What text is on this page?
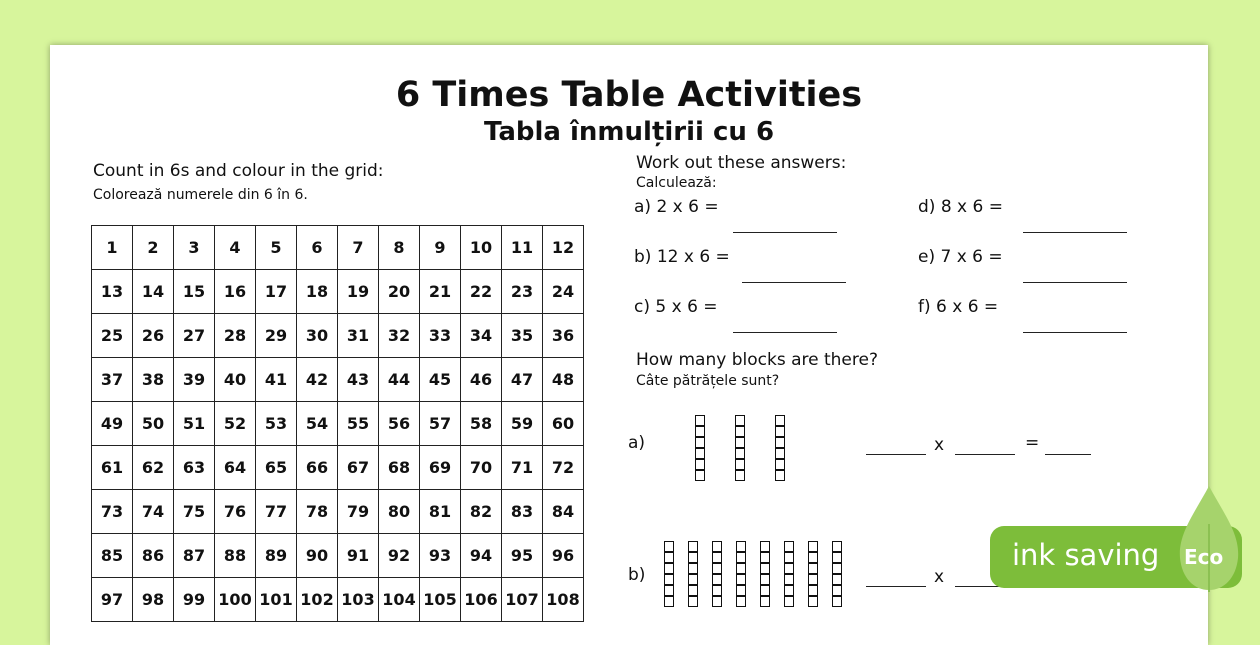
6 Times Table Activities
Tabla înmulțirii cu 6
Count in 6s and colour in the grid:
Colorează numerele din 6 în 6.
1	2	3	4	5	6	7	8	9	10	11	12
13	14	15	16	17	18	19	20	21	22	23	24
25	26	27	28	29	30	31	32	33	34	35	36
37	38	39	40	41	42	43	44	45	46	47	48
49	50	51	52	53	54	55	56	57	58	59	60
61	62	63	64	65	66	67	68	69	70	71	72
73	74	75	76	77	78	79	80	81	82	83	84
85	86	87	88	89	90	91	92	93	94	95	96
97	98	99	100	101	102	103	104	105	106	107	108
Work out these answers:
Calculează:
a) 2 x 6 =
b) 12 x 6 =
c) 5 x 6 =
d) 8 x 6 =
e) 7 x 6 =
f) 6 x 6 =
How many blocks are there?
Câte pătrățele sunt?
a)	x	=
b)	x
ink saving Eco
